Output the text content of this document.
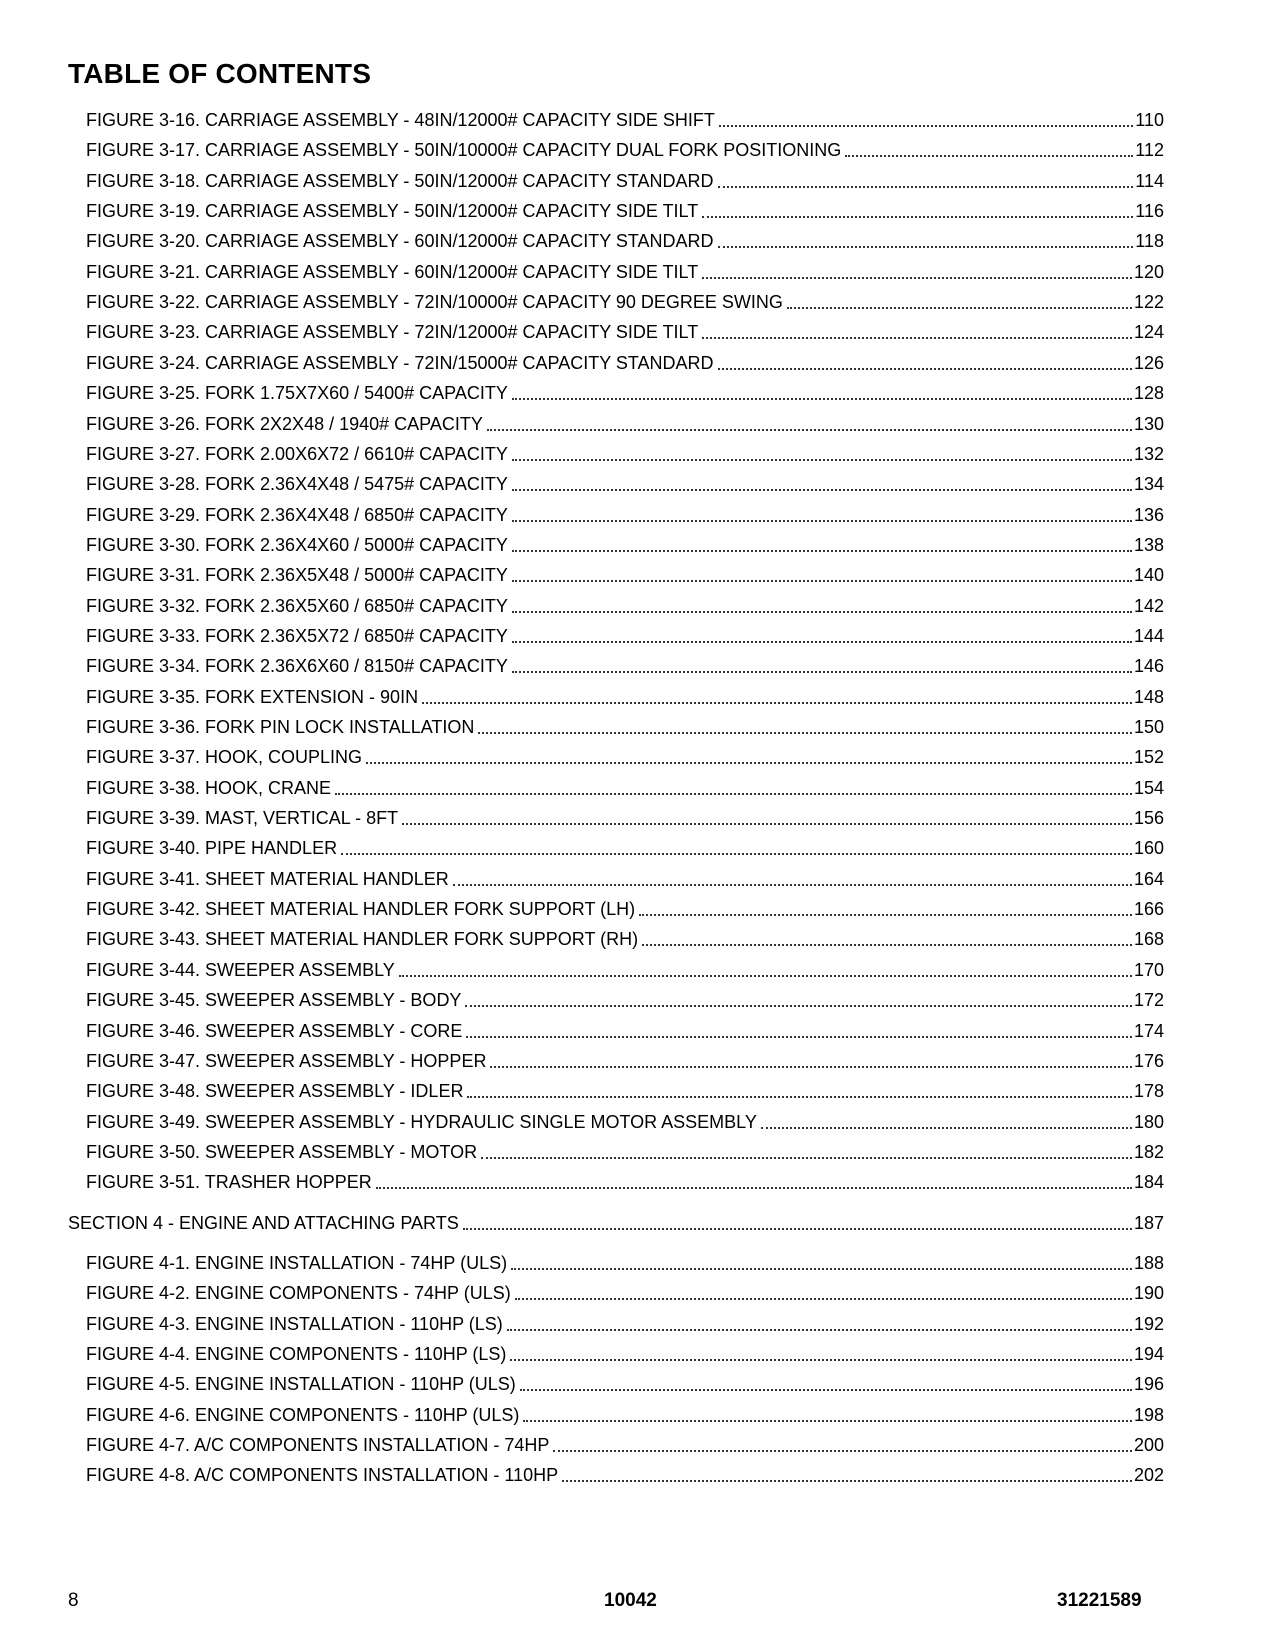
TABLE OF CONTENTS
FIGURE 3-16. CARRIAGE ASSEMBLY - 48IN/12000# CAPACITY SIDE SHIFT	110
FIGURE 3-17. CARRIAGE ASSEMBLY - 50IN/10000# CAPACITY DUAL FORK POSITIONING	112
FIGURE 3-18. CARRIAGE ASSEMBLY - 50IN/12000# CAPACITY STANDARD	114
FIGURE 3-19. CARRIAGE ASSEMBLY - 50IN/12000# CAPACITY SIDE TILT	116
FIGURE 3-20. CARRIAGE ASSEMBLY - 60IN/12000# CAPACITY STANDARD	118
FIGURE 3-21. CARRIAGE ASSEMBLY - 60IN/12000# CAPACITY SIDE TILT	120
FIGURE 3-22. CARRIAGE ASSEMBLY - 72IN/10000# CAPACITY 90 DEGREE SWING	122
FIGURE 3-23. CARRIAGE ASSEMBLY - 72IN/12000# CAPACITY SIDE TILT	124
FIGURE 3-24. CARRIAGE ASSEMBLY - 72IN/15000# CAPACITY STANDARD	126
FIGURE 3-25. FORK 1.75X7X60 / 5400# CAPACITY	128
FIGURE 3-26. FORK 2X2X48 / 1940# CAPACITY	130
FIGURE 3-27. FORK 2.00X6X72 / 6610# CAPACITY	132
FIGURE 3-28. FORK 2.36X4X48 / 5475# CAPACITY	134
FIGURE 3-29. FORK 2.36X4X48 / 6850# CAPACITY	136
FIGURE 3-30. FORK 2.36X4X60 / 5000# CAPACITY	138
FIGURE 3-31. FORK 2.36X5X48 / 5000# CAPACITY	140
FIGURE 3-32. FORK 2.36X5X60 / 6850# CAPACITY	142
FIGURE 3-33. FORK 2.36X5X72 / 6850# CAPACITY	144
FIGURE 3-34. FORK 2.36X6X60 / 8150# CAPACITY	146
FIGURE 3-35. FORK EXTENSION - 90IN	148
FIGURE 3-36. FORK PIN LOCK INSTALLATION	150
FIGURE 3-37. HOOK, COUPLING	152
FIGURE 3-38. HOOK, CRANE	154
FIGURE 3-39. MAST, VERTICAL - 8FT	156
FIGURE 3-40. PIPE HANDLER	160
FIGURE 3-41. SHEET MATERIAL HANDLER	164
FIGURE 3-42. SHEET MATERIAL HANDLER FORK SUPPORT (LH)	166
FIGURE 3-43. SHEET MATERIAL HANDLER FORK SUPPORT (RH)	168
FIGURE 3-44. SWEEPER ASSEMBLY	170
FIGURE 3-45. SWEEPER ASSEMBLY - BODY	172
FIGURE 3-46. SWEEPER ASSEMBLY - CORE	174
FIGURE 3-47. SWEEPER ASSEMBLY - HOPPER	176
FIGURE 3-48. SWEEPER ASSEMBLY - IDLER	178
FIGURE 3-49. SWEEPER ASSEMBLY - HYDRAULIC SINGLE MOTOR ASSEMBLY	180
FIGURE 3-50. SWEEPER ASSEMBLY - MOTOR	182
FIGURE 3-51. TRASHER HOPPER	184
SECTION 4 - ENGINE AND ATTACHING PARTS	187
FIGURE 4-1. ENGINE INSTALLATION - 74HP (ULS)	188
FIGURE 4-2. ENGINE COMPONENTS - 74HP (ULS)	190
FIGURE 4-3. ENGINE INSTALLATION - 110HP (LS)	192
FIGURE 4-4. ENGINE COMPONENTS - 110HP (LS)	194
FIGURE 4-5. ENGINE INSTALLATION - 110HP (ULS)	196
FIGURE 4-6. ENGINE COMPONENTS - 110HP (ULS)	198
FIGURE 4-7. A/C COMPONENTS INSTALLATION - 74HP	200
FIGURE 4-8. A/C COMPONENTS INSTALLATION - 110HP	202
8	10042	31221589
